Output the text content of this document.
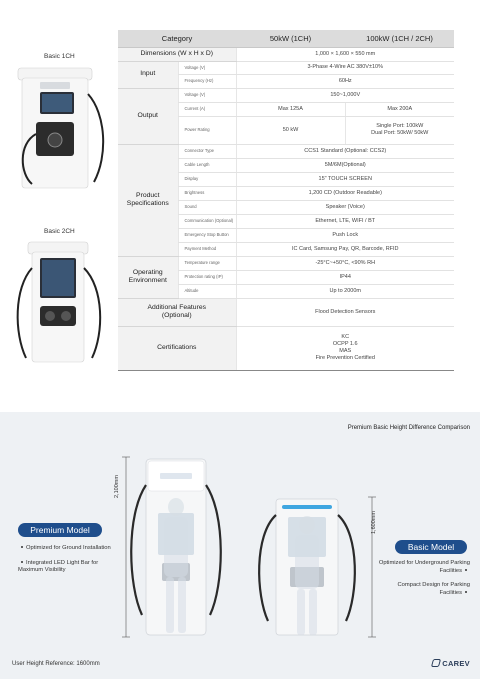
Basic 1CH
Basic 2CH
Category		50kW (1CH)	100kW (1CH / 2CH)
Dimensions (W x H x D)		1,000 × 1,600 × 550 mm	
Input	Voltage (V)	3-Phase 4-Wire AC 380V±10%	
	Frequency (Hz)	60Hz	
Output	Voltage (V)	150~1,000V	
	Current (A)	Max 125A	Max 200A
	Power Rating	50 kW	Single Port: 100kW
Dual Port: 50kW/ 50kW

Product
Specifications	Connector Type	CCS1 Standard (Optional: CCS2)	
	Cable Length	5M/6M(Optional)	
	Display	15" TOUCH SCREEN	
	Brightness	1,200 CD (Outdoor Readable)	
	Sound	Speaker (Voice)	
	Communication (Optional)	Ethernet, LTE, WIFI / BT	
	Emergency Stop Button	Push Lock	
	Payment Method	IC Card, Samsung Pay, QR, Barcode, RFID	

Operating
Environment	Temperature range	-25°C~+50°C, <90% RH	
	Protection rating (IP)	IP44	
	Altitude	Up to 2000m	

Additional Features
(Optional)		Flood Detection Sensors	
Certifications		KC
OCPP 1.6
MAS
Fire Prevention Certified	
Premium Basic Height Difference Comparison
2,100mm
1,600mm
Premium Model
Optimized for Ground Installation
Integrated LED Light Bar for Maximum Visibility
Basic Model
Optimized for Underground Parking Facilities
Compact Design for Parking Facilities
User Height Reference: 1600mm	CAREV
